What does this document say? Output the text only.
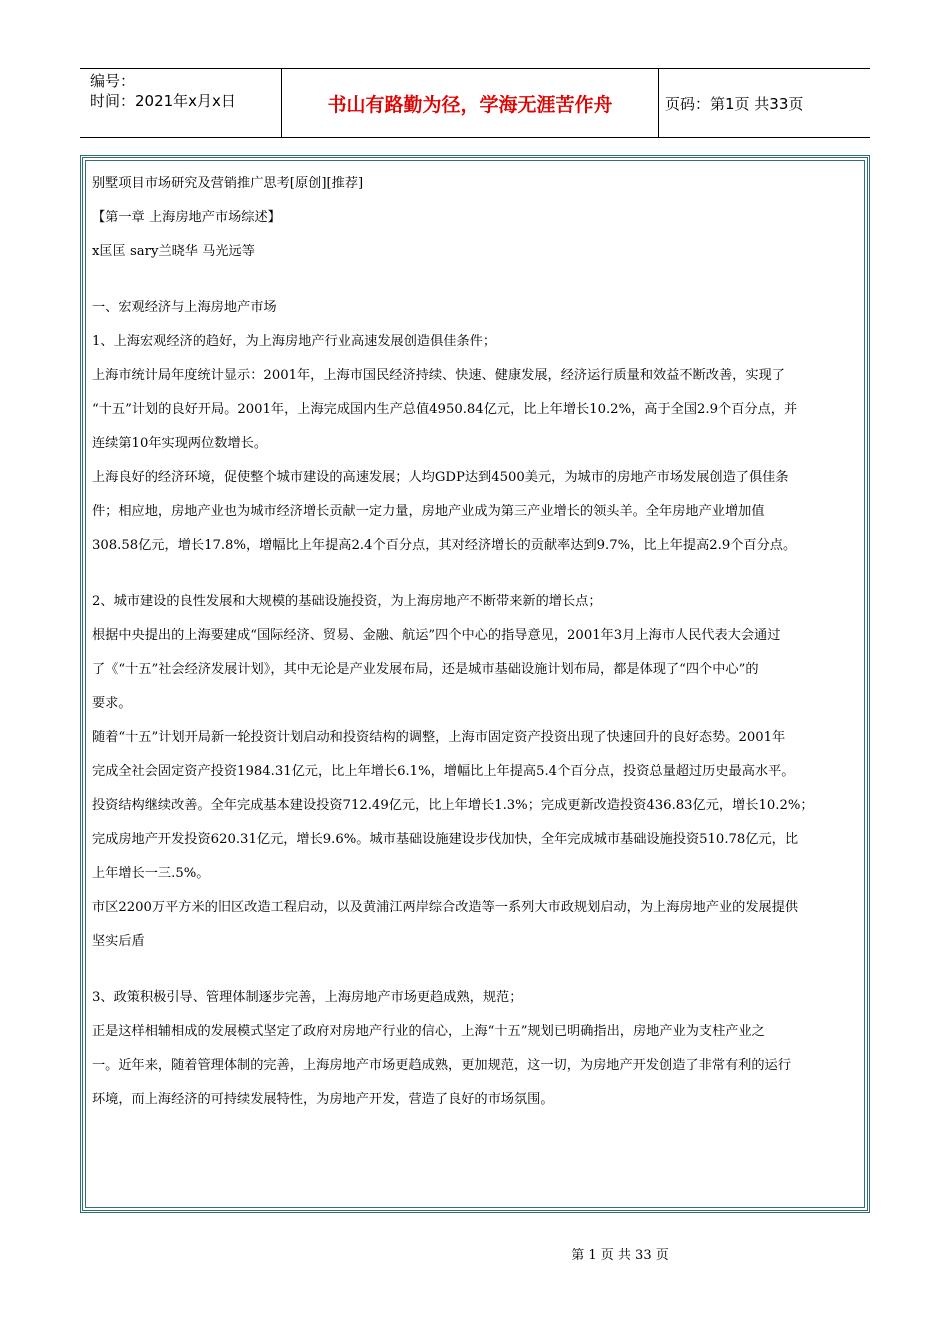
编号：
时间：2021年x月x日	书山有路勤为径，学海无涯苦作舟	页码：第1页 共33页

别墅项目市场研究及营销推广思考[原创][推荐]

【第一章 上海房地产市场综述】

x匡匡 sary兰晓华 马光远等

一、宏观经济与上海房地产市场

1、上海宏观经济的趋好，为上海房地产行业高速发展创造俱佳条件；

上海市统计局年度统计显示：2001年，上海市国民经济持续、快速、健康发展，经济运行质量和效益不断改善，实现了

“十五”计划的良好开局。2001年，上海完成国内生产总值4950.84亿元，比上年增长10.2%，高于全国2.9个百分点，并

连续第10年实现两位数增长。

上海良好的经济环境，促使整个城市建设的高速发展；人均GDP达到4500美元，为城市的房地产市场发展创造了俱佳条

件；相应地，房地产业也为城市经济增长贡献一定力量，房地产业成为第三产业增长的领头羊。全年房地产业增加值

308.58亿元，增长17.8%，增幅比上年提高2.4个百分点，其对经济增长的贡献率达到9.7%，比上年提高2.9个百分点。

2、城市建设的良性发展和大规模的基础设施投资，为上海房地产不断带来新的增长点；

根据中央提出的上海要建成“国际经济、贸易、金融、航运”四个中心的指导意见，2001年3月上海市人民代表大会通过

了《“十五”社会经济发展计划》，其中无论是产业发展布局，还是城市基础设施计划布局，都是体现了“四个中心”的

要求。

随着“十五”计划开局新一轮投资计划启动和投资结构的调整，上海市固定资产投资出现了快速回升的良好态势。2001年

完成全社会固定资产投资1984.31亿元，比上年增长6.1%，增幅比上年提高5.4个百分点，投资总量超过历史最高水平。

投资结构继续改善。全年完成基本建设投资712.49亿元，比上年增长1.3%；完成更新改造投资436.83亿元，增长10.2%；

完成房地产开发投资620.31亿元，增长9.6%。城市基础设施建设步伐加快，全年完成城市基础设施投资510.78亿元，比

上年增长一三.5%。

市区2200万平方米的旧区改造工程启动，以及黄浦江两岸综合改造等一系列大市政规划启动，为上海房地产业的发展提供

坚实后盾

3、政策积极引导、管理体制逐步完善，上海房地产市场更趋成熟，规范；

正是这样相辅相成的发展模式坚定了政府对房地产行业的信心，上海“十五”规划已明确指出，房地产业为支柱产业之

一。近年来，随着管理体制的完善，上海房地产市场更趋成熟，更加规范，这一切，为房地产开发创造了非常有利的运行

环境，而上海经济的可持续发展特性，为房地产开发，营造了良好的市场氛围。

第 1 页 共 33 页
